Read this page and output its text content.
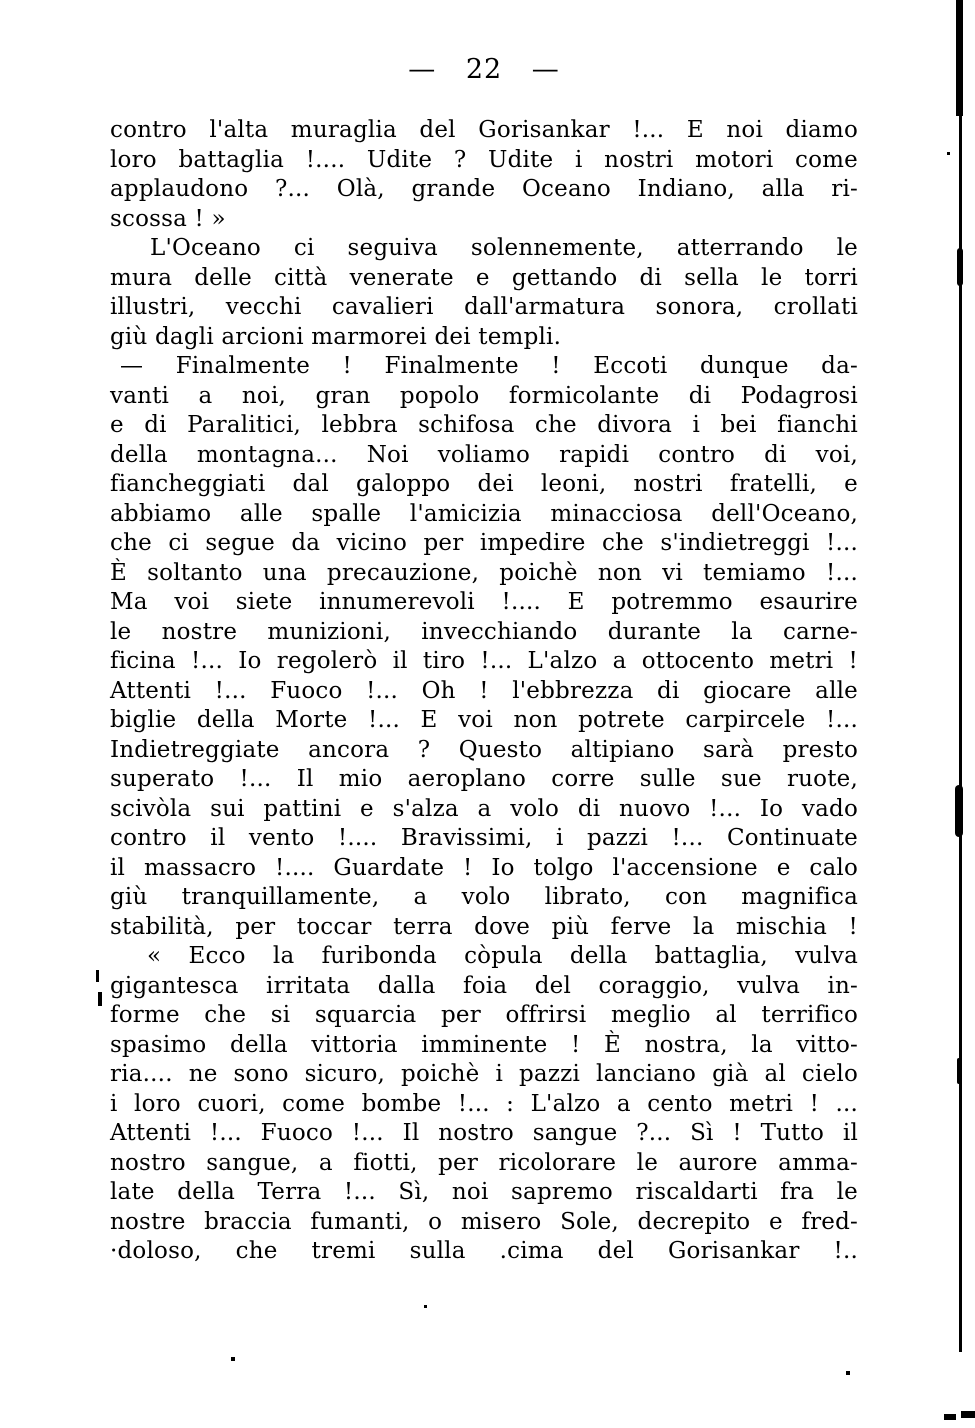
— 22 —
contro l'alta muraglia del Gorisankar !... E noi diamo
loro battaglia !.... Udite ? Udite i nostri motori come
applaudono ?... Olà, grande Oceano Indiano, alla ri-
scossa ! »
L'Oceano ci seguiva solennemente, atterrando le
mura delle città venerate e gettando di sella le torri
illustri, vecchi cavalieri dall'armatura sonora, crollati
giù dagli arcioni marmorei dei templi.
— Finalmente ! Finalmente ! Eccoti dunque da-
vanti a noi, gran popolo formicolante di Podagrosi
e di Paralitici, lebbra schifosa che divora i bei fianchi
della montagna... Noi voliamo rapidi contro di voi,
fiancheggiati dal galoppo dei leoni, nostri fratelli, e
abbiamo alle spalle l'amicizia minacciosa dell'Oceano,
che ci segue da vicino per impedire che s'indietreggi !...
È soltanto una precauzione, poichè non vi temiamo !...
Ma voi siete innumerevoli !.... E potremmo esaurire
le nostre munizioni, invecchiando durante la carne-
ficina !... Io regolerò il tiro !... L'alzo a ottocento metri !
Attenti !... Fuoco !... Oh ! l'ebbrezza di giocare alle
biglie della Morte !... E voi non potrete carpircele !...
Indietreggiate ancora ? Questo altipiano sarà presto
superato !... Il mio aeroplano corre sulle sue ruote,
scivòla sui pattini e s'alza a volo di nuovo !... Io vado
contro il vento !.... Bravissimi, i pazzi !... Continuate
il massacro !.... Guardate ! Io tolgo l'accensione e calo
giù tranquillamente, a volo librato, con magnifica
stabilità, per toccar terra dove più ferve la mischia !
« Ecco la furibonda còpula della battaglia, vulva
gigantesca irritata dalla foia del coraggio, vulva in-
forme che si squarcia per offrirsi meglio al terrifico
spasimo della vittoria imminente ! È nostra, la vitto-
ria.... ne sono sicuro, poichè i pazzi lanciano già al cielo
i loro cuori, come bombe !... : L'alzo a cento metri ! ...
Attenti !... Fuoco !... Il nostro sangue ?... Sì ! Tutto il
nostro sangue, a fiotti, per ricolorare le aurore amma-
late della Terra !... Sì, noi sapremo riscaldarti fra le
nostre braccia fumanti, o misero Sole, decrepito e fred-
·doloso, che tremi sulla .cima del Gorisankar !..
